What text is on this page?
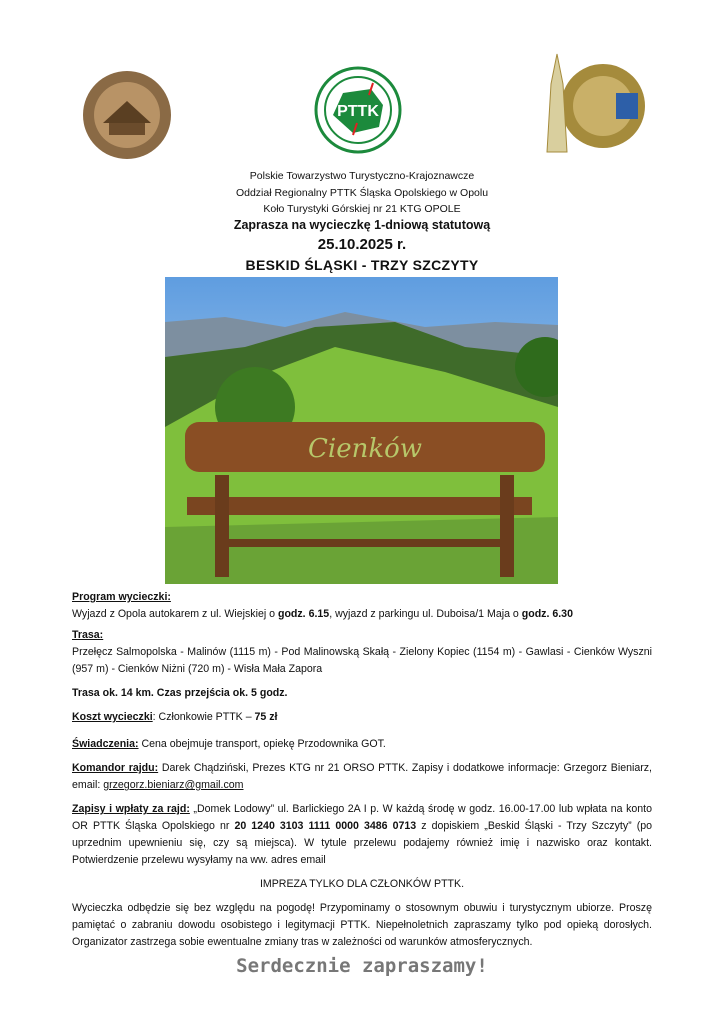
PTTK
Polskie Towarzystwo Turystyczno-Krajoznawcze
Oddział Regionalny PTTK Śląska Opolskiego w Opolu
Koło Turystyki Górskiej nr 21 KTG OPOLE
Zaprasza na wycieczkę 1-dniową statutową
25.10.2025 r.
BESKID ŚLĄSKI - TRZY SZCZYTY
Cienków

Program wycieczki:
Wyjazd z Opola autokarem z ul. Wiejskiej o godz. 6.15, wyjazd z parkingu ul. Duboisa/1 Maja o godz. 6.30

Trasa:
Przełęcz Salmopolska - Malinów (1115 m) - Pod Malinowską Skałą - Zielony Kopiec (1154 m) - Gawlasi - Cienków Wyszni (957 m) - Cienków Niżni (720 m) - Wisła Mała Zapora

Trasa ok. 14 km. Czas przejścia ok. 5 godz.

Koszt wycieczki: Członkowie PTTK – 75 zł

Świadczenia: Cena obejmuje transport, opiekę Przodownika GOT.

Komandor rajdu: Darek Chądziński, Prezes KTG nr 21 ORSO PTTK. Zapisy i dodatkowe informacje: Grzegorz Bieniarz, email: grzegorz.bieniarz@gmail.com

Zapisy i wpłaty za rajd: „Domek Lodowy” ul. Barlickiego 2A I p. W każdą środę w godz. 16.00-17.00 lub wpłata na konto OR PTTK Śląska Opolskiego nr 20 1240 3103 1111 0000 3486 0713 z dopiskiem „Beskid Śląski - Trzy Szczyty” (po uprzednim upewnieniu się, czy są miejsca). W tytule przelewu podajemy również imię i nazwisko oraz kontakt. Potwierdzenie przelewu wysyłamy na ww. adres email

IMPREZA TYLKO DLA CZŁONKÓW PTTK.

Wycieczka odbędzie się bez względu na pogodę! Przypominamy o stosownym obuwiu i turystycznym ubiorze. Proszę pamiętać o zabraniu dowodu osobistego i legitymacji PTTK. Niepełnoletnich zapraszamy tylko pod opieką dorosłych. Organizator zastrzega sobie ewentualne zmiany tras w zależności od warunków atmosferycznych.

Serdecznie zapraszamy!
